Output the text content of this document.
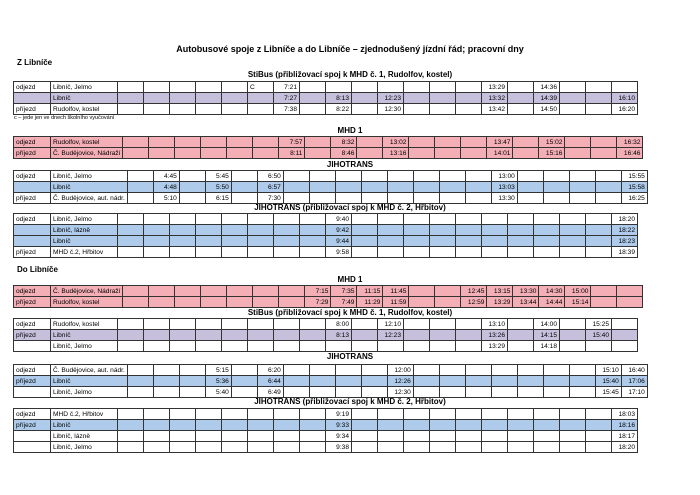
Autobusové spoje z Libníče a do Libníče – zjednodušený jízdní řád; pracovní dny
Z Libníče
Do Libníče
c – jede jen ve dnech školního vyučování
StiBus (přibližovací spoj k MHD č. 1, Rudolfov, kostel)
odjezd	Libníč, Jelmo						C	7:21								13:29		14:36			
	Libníč							7:27		8:13		12:23				13:32		14:39			16:10
příjezd	Rudolfov, kostel							7:38		8:22		12:30				13:42		14:50			16:20
MHD 1
odjezd	Rudolfov, kostel							7:57		8:32		13:02				13:47		15:02			16:32
příjezd	Č. Budějovice, Nádraží							8:11		8:46		13:16				14:01		15:16			16:46
JIHOTRANS
odjezd	Libníč, Jelmo		4:45		5:45		6:50									13:00					15:55
	Libníč		4:48		5:50		6:57									13:03					15:58
příjezd	Č. Budějovice, aut. nádr.		5:10		6:15		7:30									13:30					16:25
JIHOTRANS (přibližovací spoj k MHD č. 2, Hřbitov)
odjezd	Libníč, Jelmo									9:40											18:20
	Libníč, lázně									9:42											18:22
	Libníč									9:44											18:23
příjezd	MHD č.2, Hřbitov									9:58											18:39
MHD 1
odjezd	Č. Budějovice, Nádraží								7:15	7:35	11:15	11:45			12:45	13:15	13:30	14:30	15:00		
příjezd	Rudolfov, kostel								7:29	7:49	11:29	11:59			12:59	13:29	13:44	14:44	15:14		
StiBus (přibližovací spoj k MHD č. 1, Rudolfov, kostel)
odjezd	Rudolfov, kostel									8:00		12:10				13:10		14:00		15:25	
příjezd	Libníč									8:13		12:23				13:26		14:15		15:40	
	Libníč, Jelmo															13:29		14:18			
JIHOTRANS
odjezd	Č. Budějovice, aut. nádr.				5:15		6:20					12:00								15:10	16:40
příjezd	Libníč				5:36		6:44					12:26								15:40	17:06
	Libníč, Jelmo				5:40		6:49					12:30								15:45	17:10
JIHOTRANS (přibližovací spoj k MHD č. 2, Hřbitov)
odjezd	MHD č.2, Hřbitov									9:19											18:03
příjezd	Libníč									9:33											18:16
	Libníč, lázně									9:34											18:17
	Libníč, Jelmo									9:38											18:20
